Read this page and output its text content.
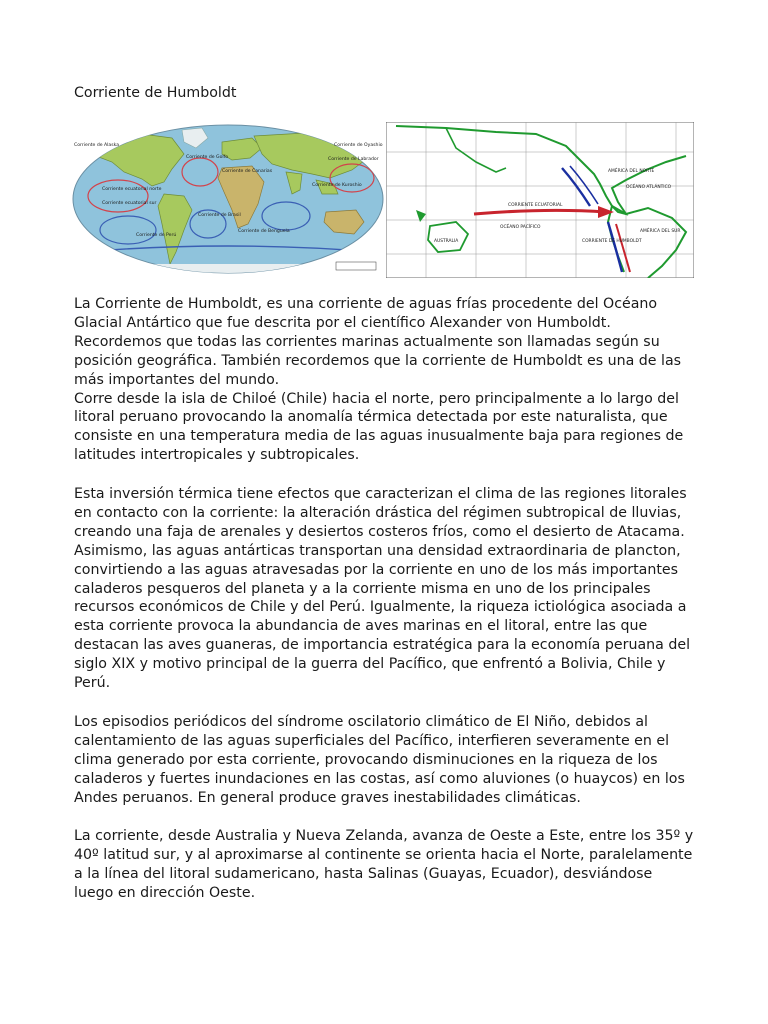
Corriente de Humboldt
Corriente de Alaska	Corriente de Oyashio
Corriente de Golfo
Corriente de Canarias
Corriente ecuatorial norte
Corriente ecuatorial sur
Corriente de Brasil
Corriente de Benguela
Corriente de Perú
Corriente de Kuroshio
Corriente de Labrador
OCÉANO ATLÁNTICO
OCÉANO PACÍFICO
AUSTRALIA
CORRIENTE ECUATORIAL
CORRIENTE DE HUMBOLDT
AMÉRICA DEL SUR
AMÉRICA DEL NORTE
La Corriente de Humboldt, es una corriente de aguas frías procedente del Océano
Glacial Antártico que fue descrita por el científico Alexander von Humboldt.
Recordemos que todas las corrientes marinas actualmente son llamadas según su
posición geográfica. También recordemos que la corriente de Humboldt es una de las
más importantes del mundo.
Corre desde la isla de Chiloé (Chile) hacia el norte, pero principalmente a lo largo del
litoral peruano provocando la anomalía térmica detectada por este naturalista, que
consiste en una temperatura media de las aguas inusualmente baja para regiones de
latitudes intertropicales y subtropicales.
Esta inversión térmica tiene efectos que caracterizan el clima de las regiones litorales
en contacto con la corriente: la alteración drástica del régimen subtropical de lluvias,
creando una faja de arenales y desiertos costeros fríos, como el desierto de Atacama.
Asimismo, las aguas antárticas transportan una densidad extraordinaria de plancton,
convirtiendo a las aguas atravesadas por la corriente en uno de los más importantes
caladeros pesqueros del planeta y a la corriente misma en uno de los principales
recursos económicos de Chile y del Perú. Igualmente, la riqueza ictiológica asociada a
esta corriente provoca la abundancia de aves marinas en el litoral, entre las que
destacan las aves guaneras, de importancia estratégica para la economía peruana del
siglo XIX y motivo principal de la guerra del Pacífico, que enfrentó a Bolivia, Chile y
Perú.
Los episodios periódicos del síndrome oscilatorio climático de El Niño, debidos al
calentamiento de las aguas superficiales del Pacífico, interfieren severamente en el
clima generado por esta corriente, provocando disminuciones en la riqueza de los
caladeros y fuertes inundaciones en las costas, así como aluviones (o huaycos) en los
Andes peruanos. En general produce graves inestabilidades climáticas.
La corriente, desde Australia y Nueva Zelanda, avanza de Oeste a Este, entre los 35º y
40º latitud sur, y al aproximarse al continente se orienta hacia el Norte, paralelamente
a la línea del litoral sudamericano, hasta Salinas (Guayas, Ecuador), desviándose
luego en dirección Oeste.
